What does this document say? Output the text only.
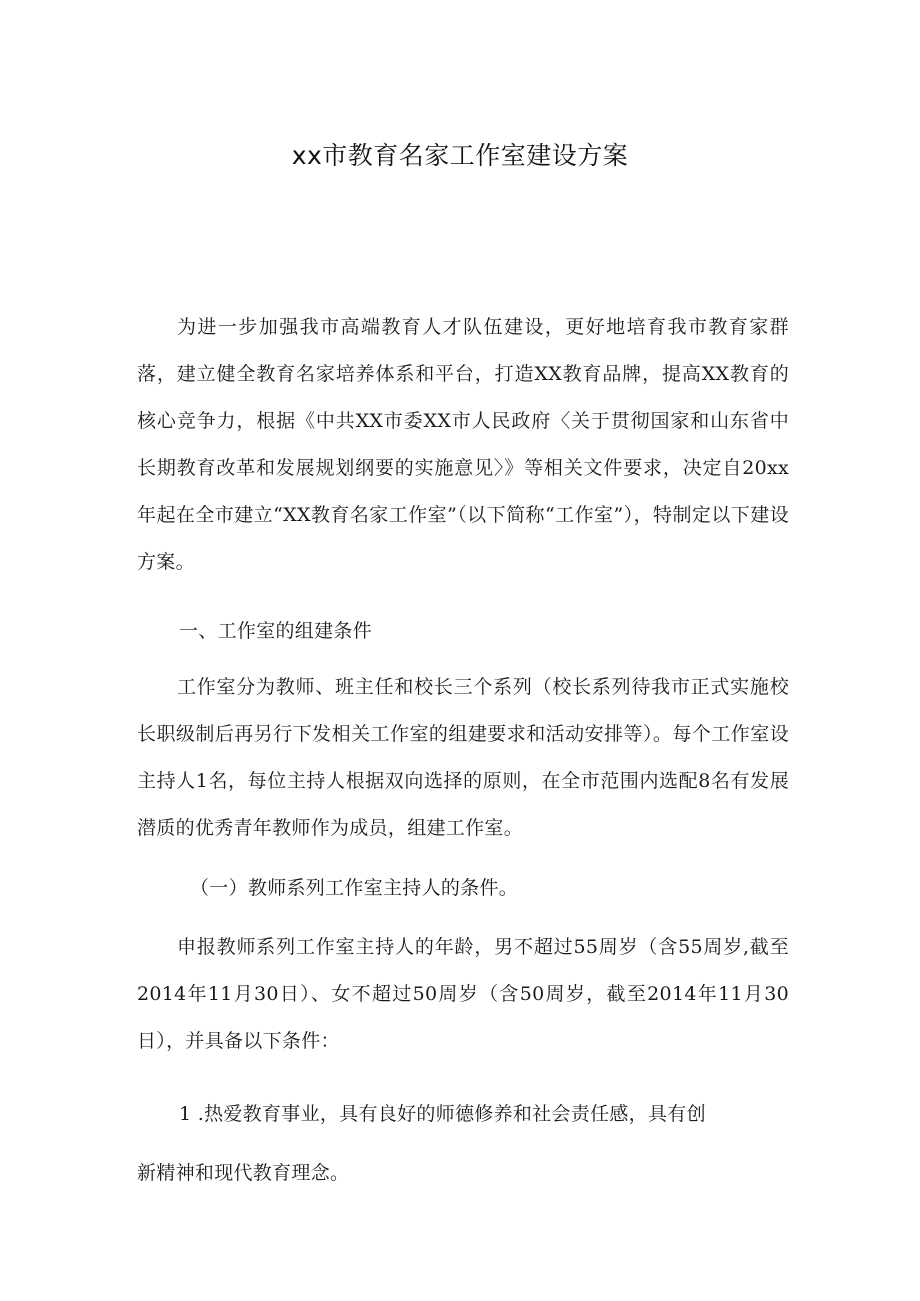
xx市教育名家工作室建设方案

为进一步加强我市高端教育人才队伍建设，更好地培育我市教育家群落，建立健全教育名家培养体系和平台，打造XX教育品牌，提高XX教育的核心竞争力，根据《中共XX市委XX市人民政府〈关于贯彻国家和山东省中长期教育改革和发展规划纲要的实施意见〉》等相关文件要求，决定自20xx年起在全市建立“XX教育名家工作室”（以下简称“工作室”），特制定以下建设方案。

一、工作室的组建条件

工作室分为教师、班主任和校长三个系列（校长系列待我市正式实施校长职级制后再另行下发相关工作室的组建要求和活动安排等）。每个工作室设主持人1名，每位主持人根据双向选择的原则，在全市范围内选配8名有发展潜质的优秀青年教师作为成员，组建工作室。

（一）教师系列工作室主持人的条件。

申报教师系列工作室主持人的年龄，男不超过55周岁（含55周岁,截至2014年11月30日）、女不超过50周岁（含50周岁，截至2014年11月30日），并具备以下条件：

1 .热爱教育事业，具有良好的师德修养和社会责任感，具有创

新精神和现代教育理念。
